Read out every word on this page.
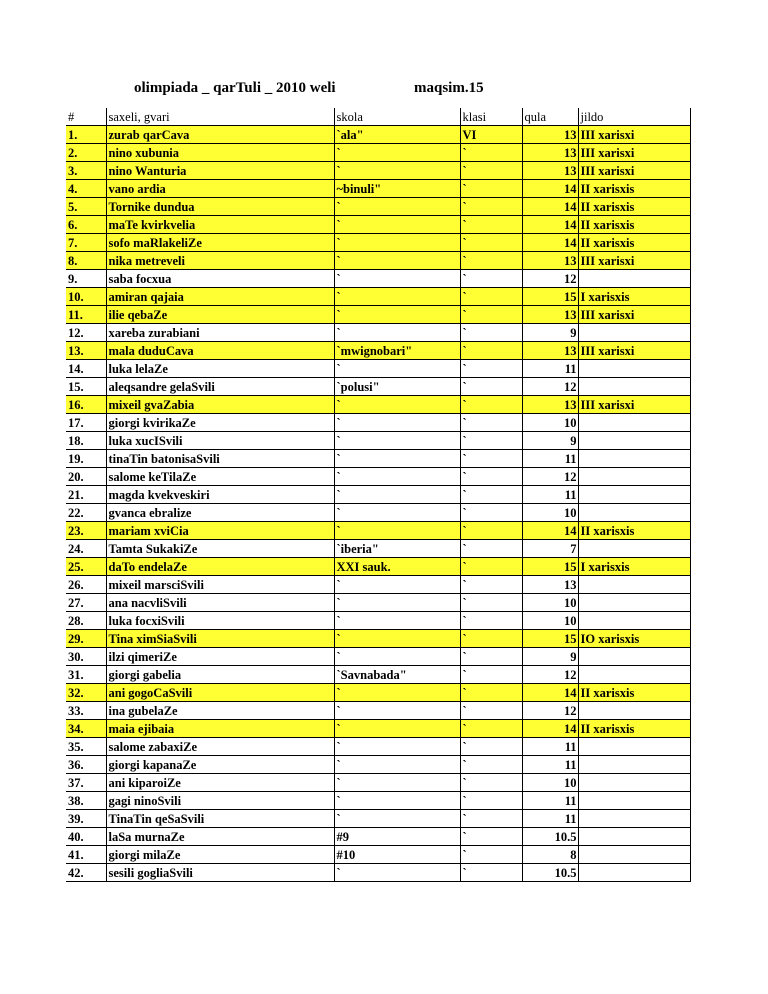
olimpiada _ qarTuli _ 2010 weli	maqsim.15
#	saxeli, gvari	skola	klasi	qula	jildo
1.	zurab qarCava	`ala"	VI	13	III xarisxi
2.	nino xubunia	`	`	13	III xarisxi
3.	nino Wanturia	`	`	13	III xarisxi
4.	vano ardia	~binuli"	`	14	II xarisxis
5.	Tornike dundua	`	`	14	II xarisxis
6.	maTe kvirkvelia	`	`	14	II xarisxis
7.	sofo maRlakeliZe	`	`	14	II xarisxis
8.	nika metreveli	`	`	13	III xarisxi
9.	saba focxua	`	`	12	
10.	amiran qajaia	`	`	15	I xarisxis
11.	ilie qebaZe	`	`	13	III xarisxi
12.	xareba zurabiani	`	`	9	
13.	mala duduCava	`mwignobari"	`	13	III xarisxi
14.	luka lelaZe	`	`	11	
15.	aleqsandre gelaSvili	`polusi"	`	12	
16.	mixeil gvaZabia	`	`	13	III xarisxi
17.	giorgi kvirikaZe	`	`	10	
18.	luka xucISvili	`	`	9	
19.	tinaTin batonisaSvili	`	`	11	
20.	salome keTilaZe	`	`	12	
21.	magda kvekveskiri	`	`	11	
22.	gvanca ebralize	`	`	10	
23.	mariam xviCia	`	`	14	II xarisxis
24.	Tamta SukakiZe	`iberia"	`	7	
25.	daTo endelaZe	XXI sauk.	`	15	I xarisxis
26.	mixeil marsciSvili	`	`	13	
27.	ana nacvliSvili	`	`	10	
28.	luka focxiSvili	`	`	10	
29.	Tina ximSiaSvili	`	`	15	IO xarisxis
30.	ilzi qimeriZe	`	`	9	
31.	giorgi gabelia	`Savnabada"	`	12	
32.	ani gogoCaSvili	`	`	14	II xarisxis
33.	ina gubelaZe	`	`	12	
34.	maia ejibaia	`	`	14	II xarisxis
35.	salome zabaxiZe	`	`	11	
36.	giorgi kapanaZe	`	`	11	
37.	ani kiparoiZe	`	`	10	
38.	gagi ninoSvili	`	`	11	
39.	TinaTin qeSaSvili	`	`	11	
40.	laSa murnaZe	#9	`	10.5	
41.	giorgi milaZe	#10	`	8	
42.	sesili gogliaSvili	`	`	10.5	
